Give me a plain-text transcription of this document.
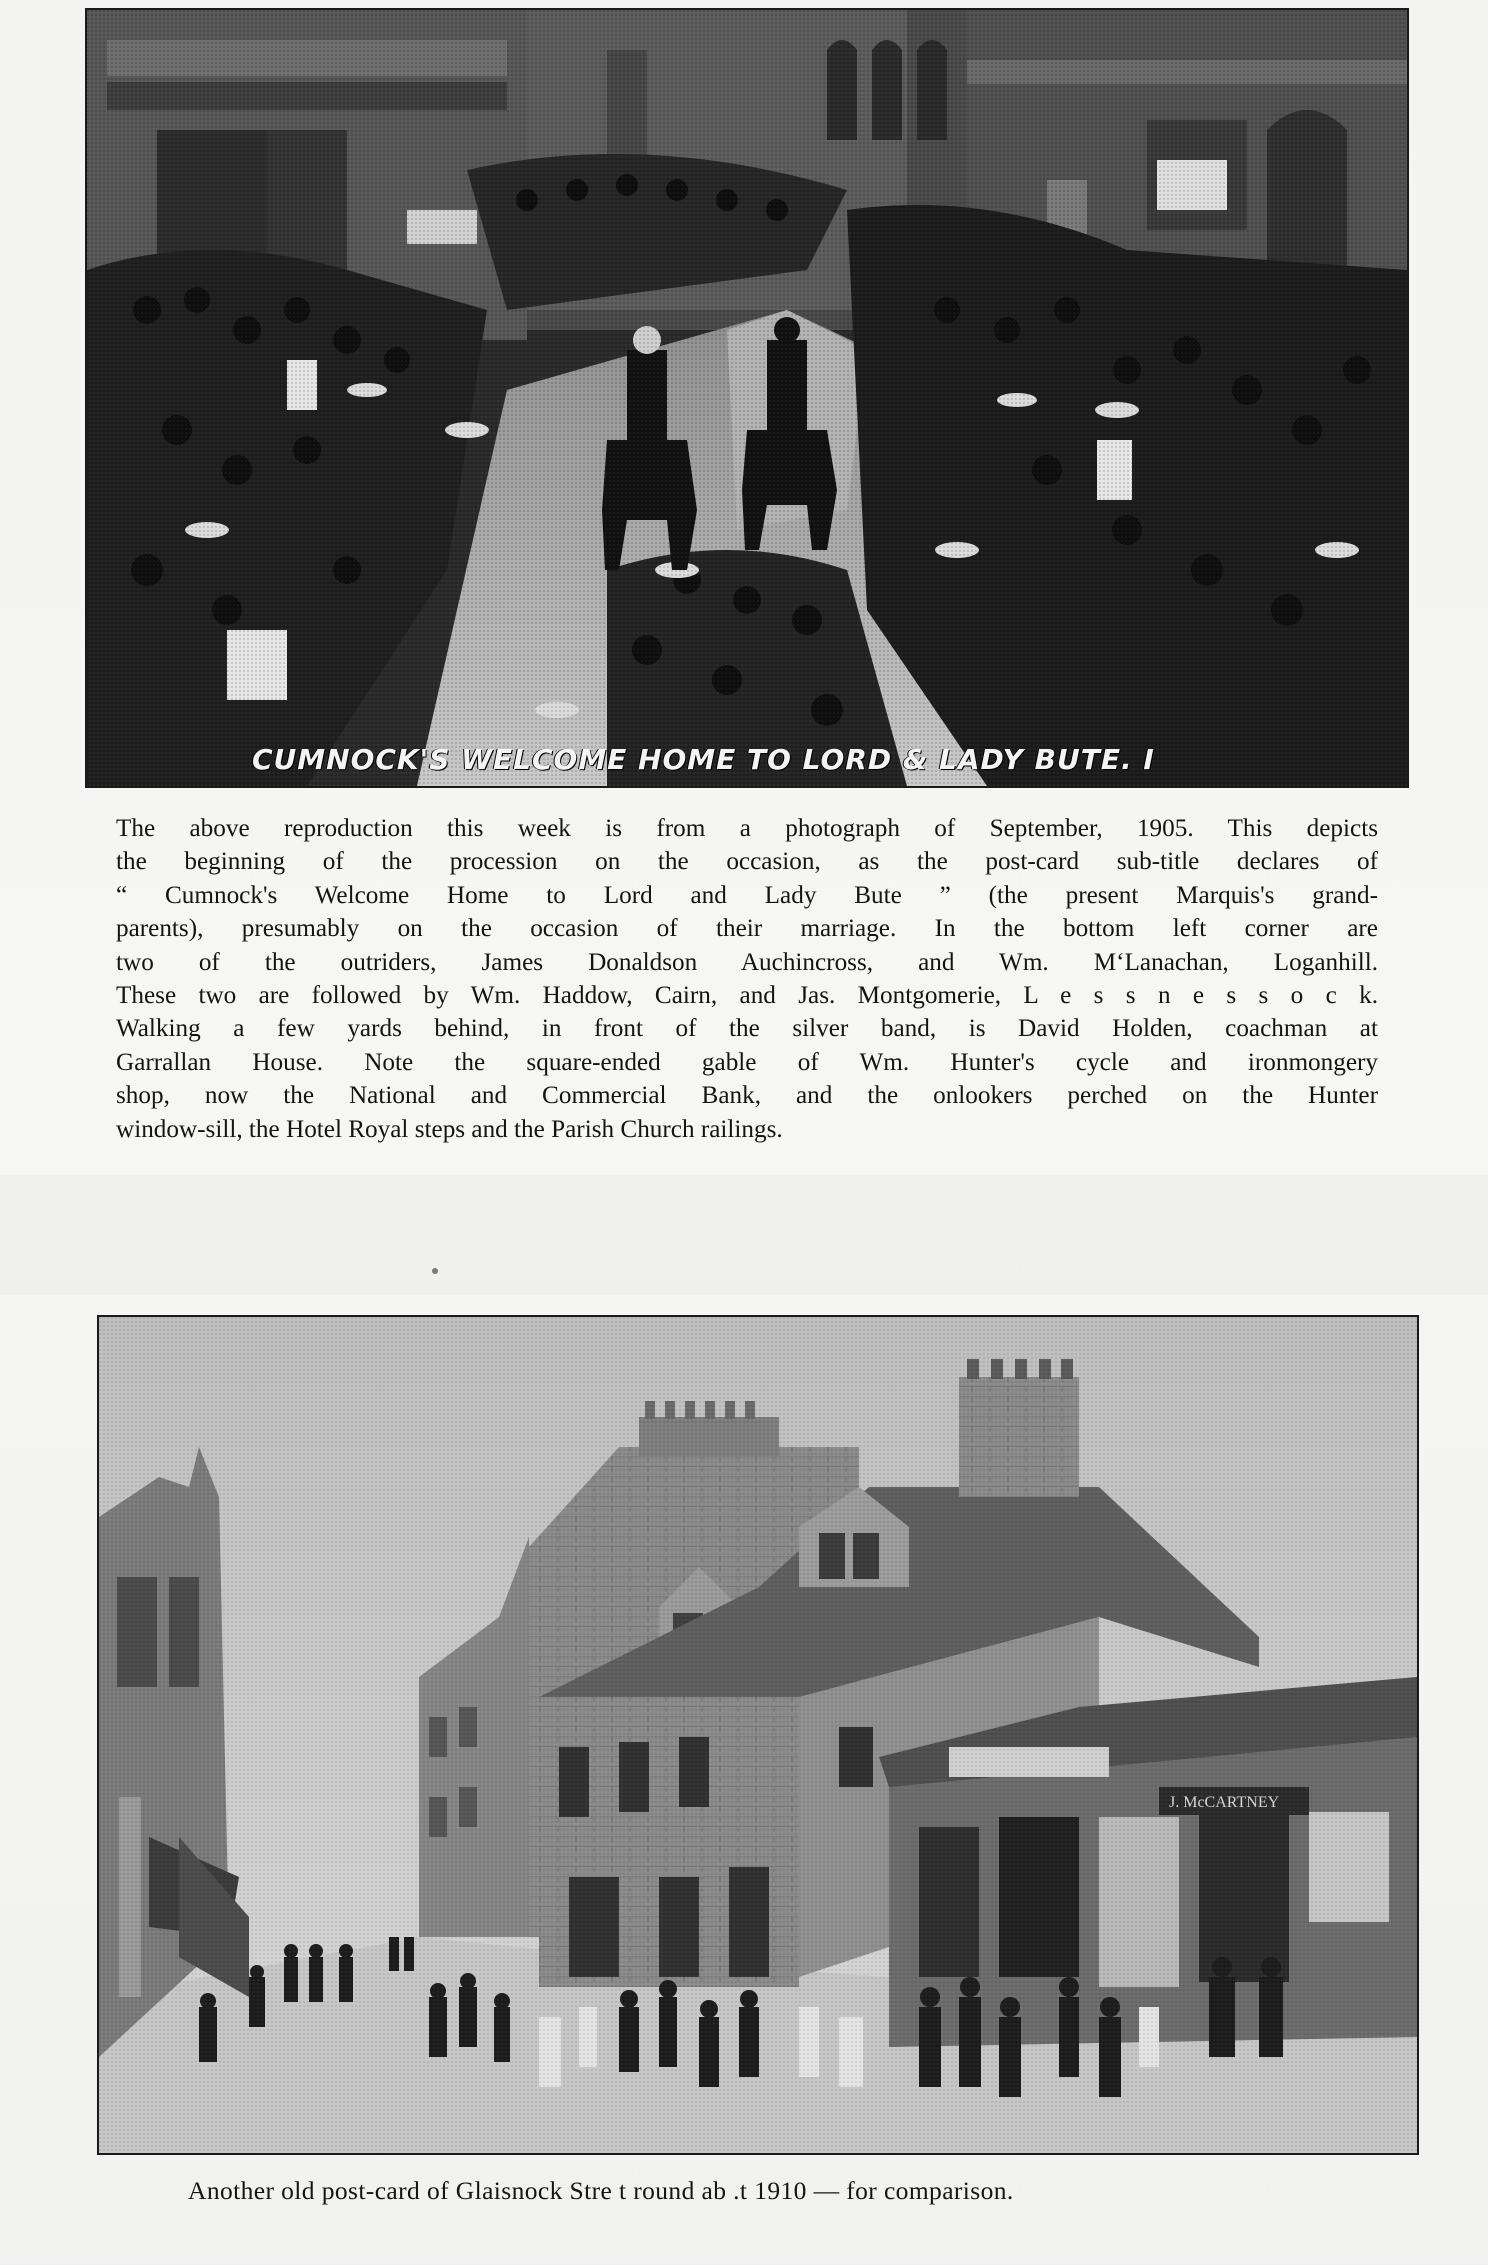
CUMNOCK'S WELCOME HOME TO LORD & LADY BUTE. I
The above reproduction this week is from a photograph of September, 1905. This depicts
the beginning of the procession on the occasion, as the post-card sub-title declares of
“ Cumnock's Welcome Home to Lord and Lady Bute ” (the present Marquis's grand-
parents), presumably on the occasion of their marriage. In the bottom left corner are
two of the outriders, James Donaldson Auchincross, and Wm. M‘Lanachan, Loganhill.
These two are followed by Wm. Haddow, Cairn, and Jas. Montgomerie, L e s s n e s s o c k.
Walking a few yards behind, in front of the silver band, is David Holden, coachman at
Garrallan House. Note the square-ended gable of Wm. Hunter's cycle and ironmongery
shop, now the National and Commercial Bank, and the onlookers perched on the Hunter
window-sill, the Hotel Royal steps and the Parish Church railings.
Another old post-card of Glaisnock Stre t round ab .t 1910 — for comparison.
